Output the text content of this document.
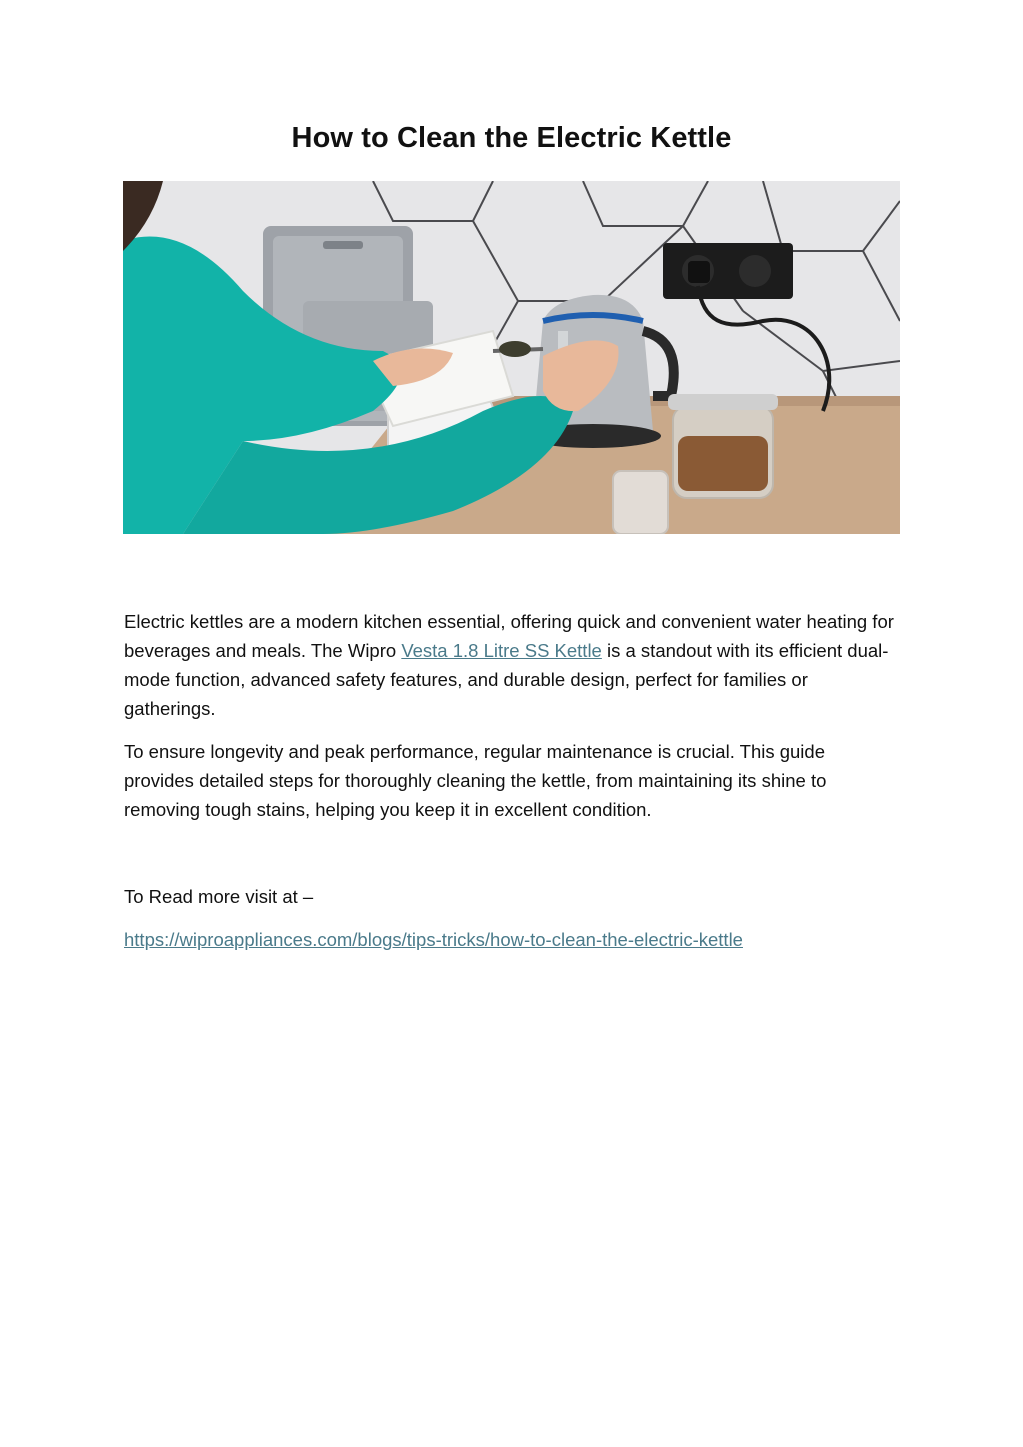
How to Clean the Electric Kettle

Electric kettles are a modern kitchen essential, offering quick and convenient water heating for beverages and meals. The Wipro Vesta 1.8 Litre SS Kettle is a standout with its efficient dual-mode function, advanced safety features, and durable design, perfect for families or gatherings.

To ensure longevity and peak performance, regular maintenance is crucial. This guide provides detailed steps for thoroughly cleaning the kettle, from maintaining its shine to removing tough stains, helping you keep it in excellent condition.

To Read more visit at –

https://wiproappliances.com/blogs/tips-tricks/how-to-clean-the-electric-kettle
